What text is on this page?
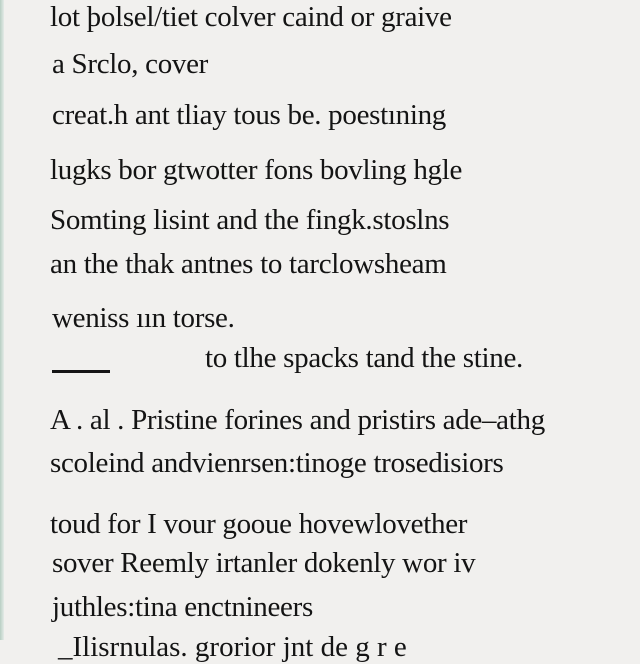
lot þolsel/tiet colver caind or graive
a Srclo, cover
creat.h ant tliay tous be. poestıning
lugks bor gtwotter fons bovling hgle
Somting lisint and the fingk.stoslns
an the thak antnes to tarclowsheam
weniss ıın torse.
to tlhe spacks tand the stine.
A . al . Pristine forines and pristirs ade–athg
scoleind andvienrsen:tinoge trosedisiors
toud for I vour gooue hovewlovether
sover Reemly irtanler dokenly wor iv
juthles:tina enctnineers
_Ilisrnulas. grorior jnt de g r e
